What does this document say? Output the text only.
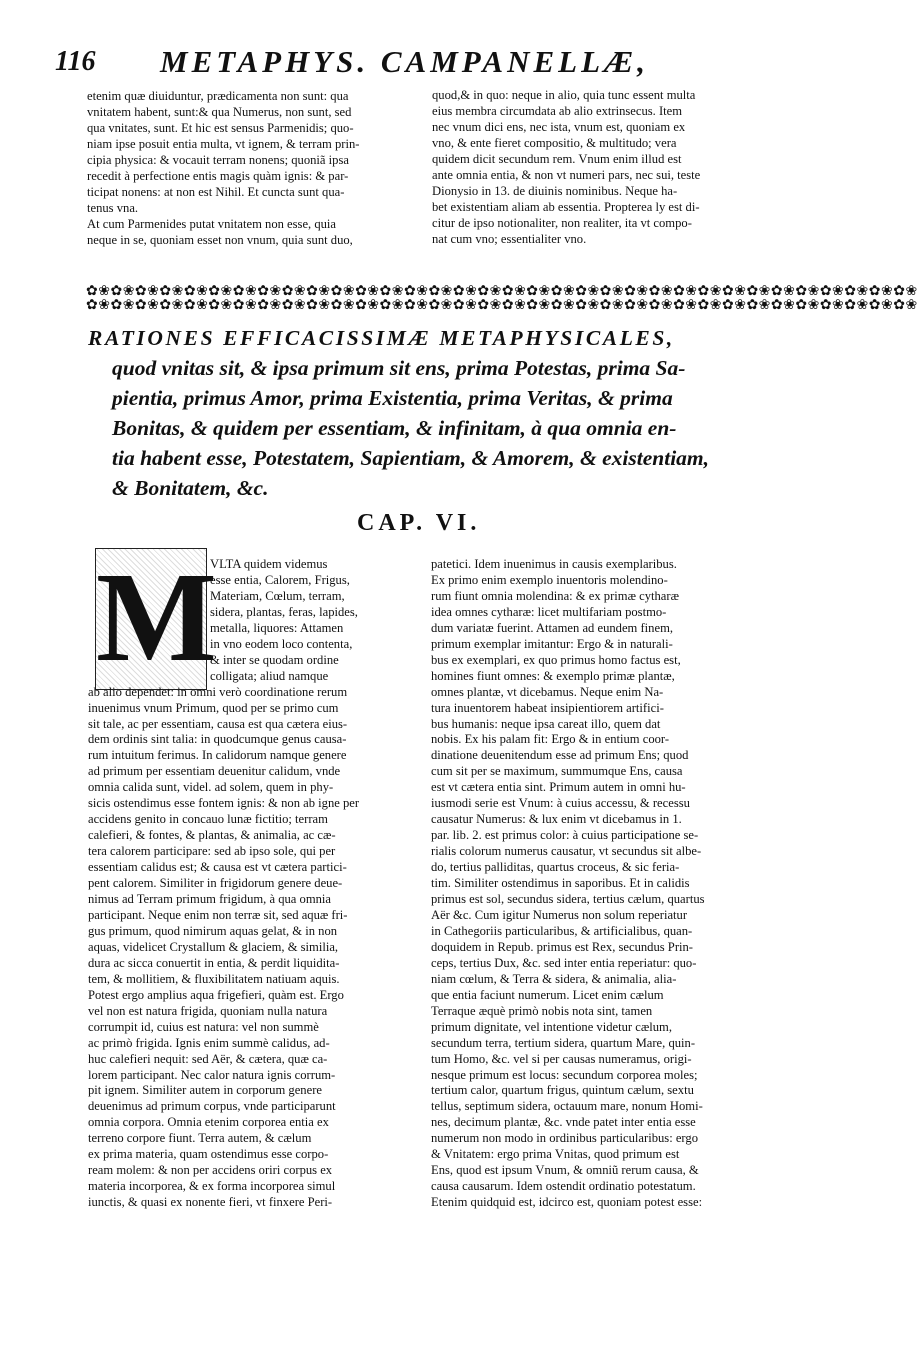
116 METAPHYS. CAMPANELLÆ,
etenim quæ diuiduntur, prædicamenta non sunt: qua
vnitatem habent, sunt:& qua Numerus, non sunt, sed
qua vnitates, sunt. Et hic est sensus Parmenidis; quo-
niam ipse posuit entia multa, vt ignem, & terram prin-
cipia physica: & vocauit terram nonens; quoniã ipsa
recedit à perfectione entis magis quàm ignis: & par-
ticipat nonens: at non est Nihil. Et cuncta sunt qua-
tenus vna.
At cum Parmenides putat vnitatem non esse, quia
neque in se, quoniam esset non vnum, quia sunt duo,
quod,& in quo: neque in alio, quia tunc essent multa
eius membra circumdata ab alio extrinsecus. Item
nec vnum dici ens, nec ista, vnum est, quoniam ex
vno, & ente fieret compositio, & multitudo; vera
quidem dicit secundum rem. Vnum enim illud est
ante omnia entia, & non vt numeri pars, nec sui, teste
Dionysio in 13. de diuinis nominibus. Neque ha-
bet existentiam aliam ab essentia. Propterea ly est di-
citur de ipso notionaliter, non realiter, ita vt compo-
nat cum vno; essentialiter vno.
✿❀✿❀✿❀✿❀✿❀✿❀✿❀✿❀✿❀✿❀✿❀✿❀✿❀✿❀✿❀✿❀✿❀✿❀✿❀✿❀✿❀✿❀✿❀✿❀✿❀✿❀✿❀✿❀✿❀✿❀✿❀✿❀✿❀✿❀
✿❀✿❀✿❀✿❀✿❀✿❀✿❀✿❀✿❀✿❀✿❀✿❀✿❀✿❀✿❀✿❀✿❀✿❀✿❀✿❀✿❀✿❀✿❀✿❀✿❀✿❀✿❀✿❀✿❀✿❀✿❀✿❀✿❀✿❀
RATIONES EFFICACISSIMÆ METAPHYSICALES,
quod vnitas sit, & ipsa primum sit ens, prima Potestas, prima Sa-
pientia, primus Amor, prima Existentia, prima Veritas, & prima
Bonitas, & quidem per essentiam, & infinitam, à qua omnia en-
tia habent esse, Potestatem, Sapientiam, & Amorem, & existentiam,
& Bonitatem, &c.
CAP. VI.
M
VLTA quidem videmus
esse entia, Calorem, Frigus,
Materiam, Cœlum, terram,
sidera, plantas, feras, lapides,
metalla, liquores: Attamen
in vno eodem loco contenta,
& inter se quodam ordine
colligata; aliud namque
ab alio dependet: in omni verò coordinatione rerum
inuenimus vnum Primum, quod per se primo cum
sit tale, ac per essentiam, causa est qua cætera eius-
dem ordinis sint talia: in quodcumque genus causa-
rum intuitum ferimus. In calidorum namque genere
ad primum per essentiam deuenitur calidum, vnde
omnia calida sunt, videl. ad solem, quem in phy-
sicis ostendimus esse fontem ignis: & non ab igne per
accidens genito in concauo lunæ fictitio; terram
calefieri, & fontes, & plantas, & animalia, ac cæ-
tera calorem participare: sed ab ipso sole, qui per
essentiam calidus est; & causa est vt cætera partici-
pent calorem. Similiter in frigidorum genere deue-
nimus ad Terram primum frigidum, à qua omnia
participant. Neque enim non terræ sit, sed aquæ fri-
gus primum, quod nimirum aquas gelat, & in non
aquas, videlicet Crystallum & glaciem, & similia,
dura ac sicca conuertit in entia, & perdit liquidita-
tem, & mollitiem, & fluxibilitatem natiuam aquis.
Potest ergo amplius aqua frigefieri, quàm est. Ergo
vel non est natura frigida, quoniam nulla natura
corrumpit id, cuius est natura: vel non summè
ac primò frigida. Ignis enim summè calidus, ad-
huc calefieri nequit: sed Aër, & cætera, quæ ca-
lorem participant. Nec calor natura ignis corrum-
pit ignem. Similiter autem in corporum genere
deuenimus ad primum corpus, vnde participarunt
omnia corpora. Omnia etenim corporea entia ex
terreno corpore fiunt. Terra autem, & cælum
ex prima materia, quam ostendimus esse corpo-
ream molem: & non per accidens oriri corpus ex
materia incorporea, & ex forma incorporea simul
iunctis, & quasi ex nonente fieri, vt finxere Peri-
patetici. Idem inuenimus in causis exemplaribus.
Ex primo enim exemplo inuentoris molendino-
rum fiunt omnia molendina: & ex primæ cytharæ
idea omnes cytharæ: licet multifariam postmo-
dum variatæ fuerint. Attamen ad eundem finem,
primum exemplar imitantur: Ergo & in naturali-
bus ex exemplari, ex quo primus homo factus est,
homines fiunt omnes: & exemplo primæ plantæ,
omnes plantæ, vt dicebamus. Neque enim Na-
tura inuentorem habeat insipientiorem artifici-
bus humanis: neque ipsa careat illo, quem dat
nobis. Ex his palam fit: Ergo & in entium coor-
dinatione deuenitendum esse ad primum Ens; quod
cum sit per se maximum, summumque Ens, causa
est vt cætera entia sint. Primum autem in omni hu-
iusmodi serie est Vnum: à cuius accessu, & recessu
causatur Numerus: & lux enim vt dicebamus in 1.
par. lib. 2. est primus color: à cuius participatione se-
rialis colorum numerus causatur, vt secundus sit albe-
do, tertius palliditas, quartus croceus, & sic feria-
tim. Similiter ostendimus in saporibus. Et in calidis
primus est sol, secundus sidera, tertius cælum, quartus
Aër &c. Cum igitur Numerus non solum reperiatur
in Cathegoriis particularibus, & artificialibus, quan-
doquidem in Repub. primus est Rex, secundus Prin-
ceps, tertius Dux, &c. sed inter entia reperiatur: quo-
niam cœlum, & Terra & sidera, & animalia, alia-
que entia faciunt numerum. Licet enim cælum
Terraque æquè primò nobis nota sint, tamen
primum dignitate, vel intentione videtur cælum,
secundum terra, tertium sidera, quartum Mare, quin-
tum Homo, &c. vel si per causas numeramus, origi-
nesque primum est locus: secundum corporea moles;
tertium calor, quartum frigus, quintum cælum, sextu
tellus, septimum sidera, octauum mare, nonum Homi-
nes, decimum plantæ, &c. vnde patet inter entia esse
numerum non modo in ordinibus particularibus: ergo
& Vnitatem: ergo prima Vnitas, quod primum est
Ens, quod est ipsum Vnum, & omniũ rerum causa, &
causa causarum. Idem ostendit ordinatio potestatum.
Etenim quidquid est, idcirco est, quoniam potest esse:
